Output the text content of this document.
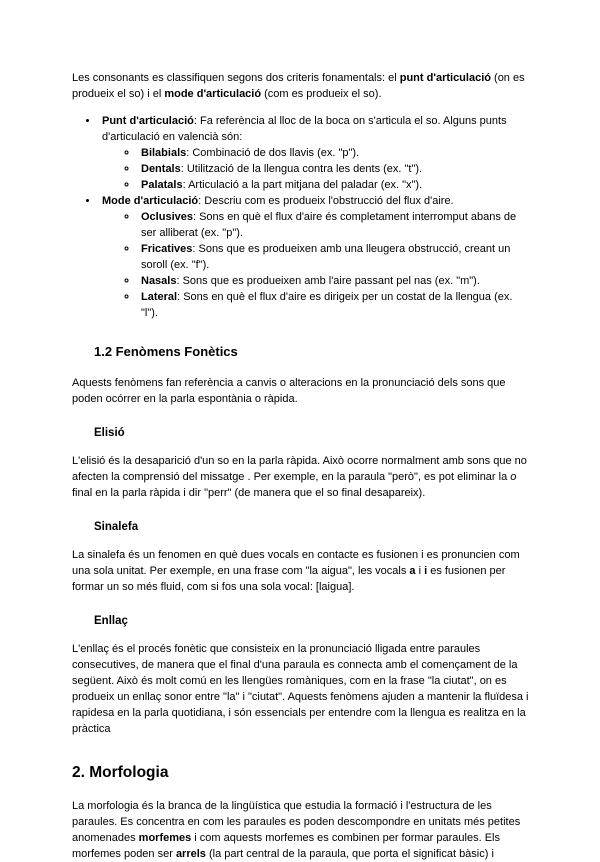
Les consonants es classifiquen segons dos criteris fonamentals: el punt d'articulació (on es produeix el so) i el mode d'articulació (com es produeix el so).

• Punt d'articulació: Fa referència al lloc de la boca on s'articula el so. Alguns punts d'articulació en valencià són:
◦ Bilabials: Combinació de dos llavis (ex. "p").
◦ Dentals: Utilització de la llengua contra les dents (ex. "t").
◦ Palatals: Articulació a la part mitjana del paladar (ex. "x").
• Mode d'articulació: Descriu com es produeix l'obstrucció del flux d'aire.
◦ Oclusives: Sons en què el flux d'aire és completament interromput abans de ser alliberat (ex. "p").
◦ Fricatives: Sons que es produeixen amb una lleugera obstrucció, creant un soroll (ex. "f").
◦ Nasals: Sons que es produeixen amb l'aire passant pel nas (ex. "m").
◦ Lateral: Sons en què el flux d'aire es dirigeix per un costat de la llengua (ex. "l").
1.2 Fenòmens Fonètics

Aquests fenòmens fan referència a canvis o alteracions en la pronunciació dels sons que poden ocórrer en la parla espontània o ràpida.

Elisió

L'elisió és la desaparició d'un so en la parla ràpida. Això ocorre normalment amb sons que no afecten la comprensió del missatge . Per exemple, en la paraula "però", es pot eliminar la o final en la parla ràpida i dir "perr" (de manera que el so final desapareix).

Sinalefa

La sinalefa és un fenomen en què dues vocals en contacte es fusionen i es pronuncien com una sola unitat. Per exemple, en una frase com "la aigua", les vocals a i i es fusionen per formar un so més fluid, com si fos una sola vocal: [laigua].

Enllaç

L'enllaç és el procés fonètic que consisteix en la pronunciació lligada entre paraules consecutives, de manera que el final d'una paraula es connecta amb el començament de la següent. Això és molt comú en les llengües romàniques, com en la frase "la ciutat", on es produeix un enllaç sonor entre "la" i "ciutat". Aquests fenòmens ajuden a mantenir la fluïdesa i rapidesa en la parla quotidiana, i són essencials per entendre com la llengua es realitza en la pràctica

2. Morfologia

La morfologia és la branca de la lingüística que estudia la formació i l'estructura de les paraules. Es concentra en com les paraules es poden descompondre en unitats més petites anomenades morfemes i com aquests morfemes es combinen per formar paraules. Els morfemes poden ser arrels (la part central de la paraula, que porta el significat bàsic) i
